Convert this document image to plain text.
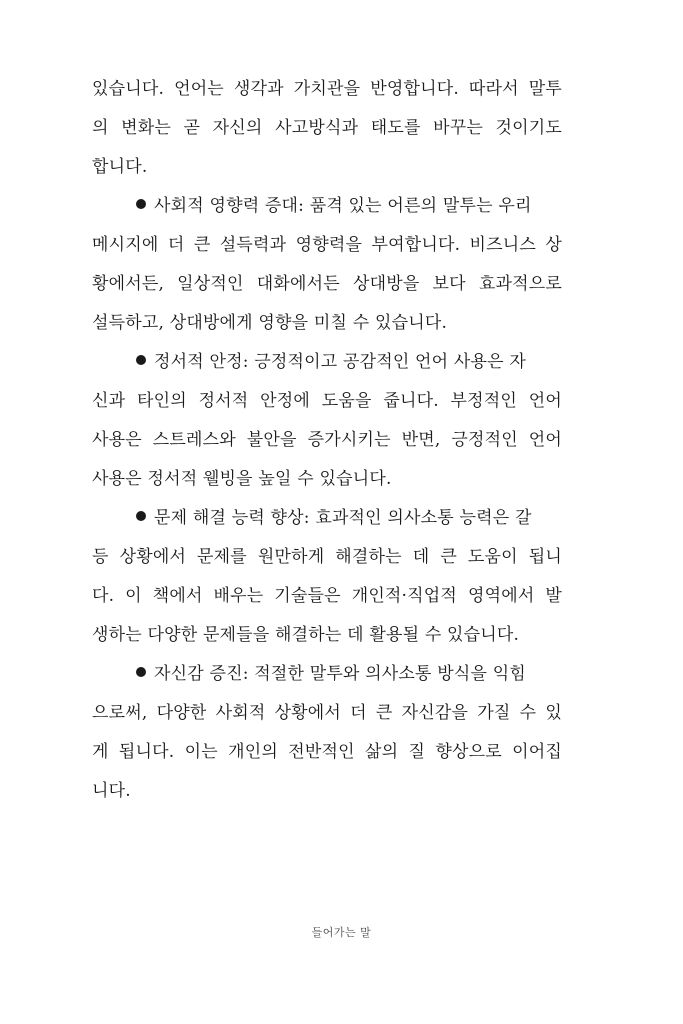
있습니다. 언어는 생각과 가치관을 반영합니다. 따라서 말투
의 변화는 곧 자신의 사고방식과 태도를 바꾸는 것이기도
합니다.
사회적 영향력 증대: 품격 있는 어른의 말투는 우리
메시지에 더 큰 설득력과 영향력을 부여합니다. 비즈니스 상
황에서든, 일상적인 대화에서든 상대방을 보다 효과적으로
설득하고, 상대방에게 영향을 미칠 수 있습니다.
정서적 안정: 긍정적이고 공감적인 언어 사용은 자
신과 타인의 정서적 안정에 도움을 줍니다. 부정적인 언어
사용은 스트레스와 불안을 증가시키는 반면, 긍정적인 언어
사용은 정서적 웰빙을 높일 수 있습니다.
문제 해결 능력 향상: 효과적인 의사소통 능력은 갈
등 상황에서 문제를 원만하게 해결하는 데 큰 도움이 됩니
다. 이 책에서 배우는 기술들은 개인적·직업적 영역에서 발
생하는 다양한 문제들을 해결하는 데 활용될 수 있습니다.
자신감 증진: 적절한 말투와 의사소통 방식을 익힘
으로써, 다양한 사회적 상황에서 더 큰 자신감을 가질 수 있
게 됩니다. 이는 개인의 전반적인 삶의 질 향상으로 이어집
니다.
들어가는 말
